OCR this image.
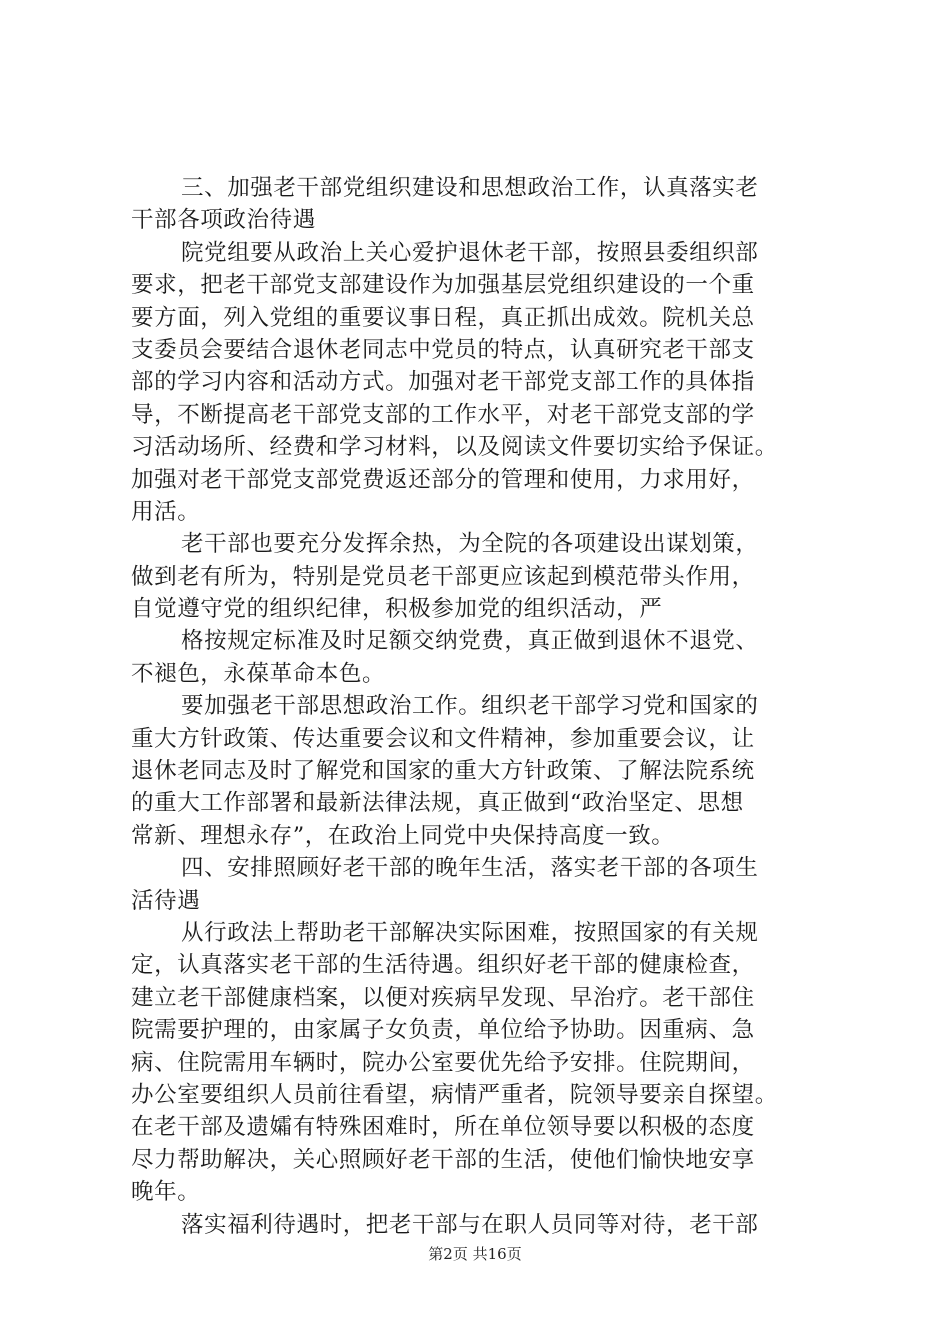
三、加强老干部党组织建设和思想政治工作，认真落实老
干部各项政治待遇
院党组要从政治上关心爱护退休老干部，按照县委组织部
要求，把老干部党支部建设作为加强基层党组织建设的一个重
要方面，列入党组的重要议事日程，真正抓出成效。院机关总
支委员会要结合退休老同志中党员的特点，认真研究老干部支
部的学习内容和活动方式。加强对老干部党支部工作的具体指
导，不断提高老干部党支部的工作水平，对老干部党支部的学
习活动场所、经费和学习材料，以及阅读文件要切实给予保证。
加强对老干部党支部党费返还部分的管理和使用，力求用好，
用活。
老干部也要充分发挥余热，为全院的各项建设出谋划策，
做到老有所为，特别是党员老干部更应该起到模范带头作用，
自觉遵守党的组织纪律，积极参加党的组织活动，严
格按规定标准及时足额交纳党费，真正做到退休不退党、
不褪色，永葆革命本色。
要加强老干部思想政治工作。组织老干部学习党和国家的
重大方针政策、传达重要会议和文件精神，参加重要会议，让
退休老同志及时了解党和国家的重大方针政策、了解法院系统
的重大工作部署和最新法律法规，真正做到“政治坚定、思想
常新、理想永存”，在政治上同党中央保持高度一致。
四、安排照顾好老干部的晚年生活，落实老干部的各项生
活待遇
从行政法上帮助老干部解决实际困难，按照国家的有关规
定，认真落实老干部的生活待遇。组织好老干部的健康检查，
建立老干部健康档案，以便对疾病早发现、早治疗。老干部住
院需要护理的，由家属子女负责，单位给予协助。因重病、急
病、住院需用车辆时，院办公室要优先给予安排。住院期间，
办公室要组织人员前往看望，病情严重者，院领导要亲自探望。
在老干部及遗孀有特殊困难时，所在单位领导要以积极的态度
尽力帮助解决，关心照顾好老干部的生活，使他们愉快地安享
晚年。
落实福利待遇时，把老干部与在职人员同等对待，老干部
第2页 共16页
